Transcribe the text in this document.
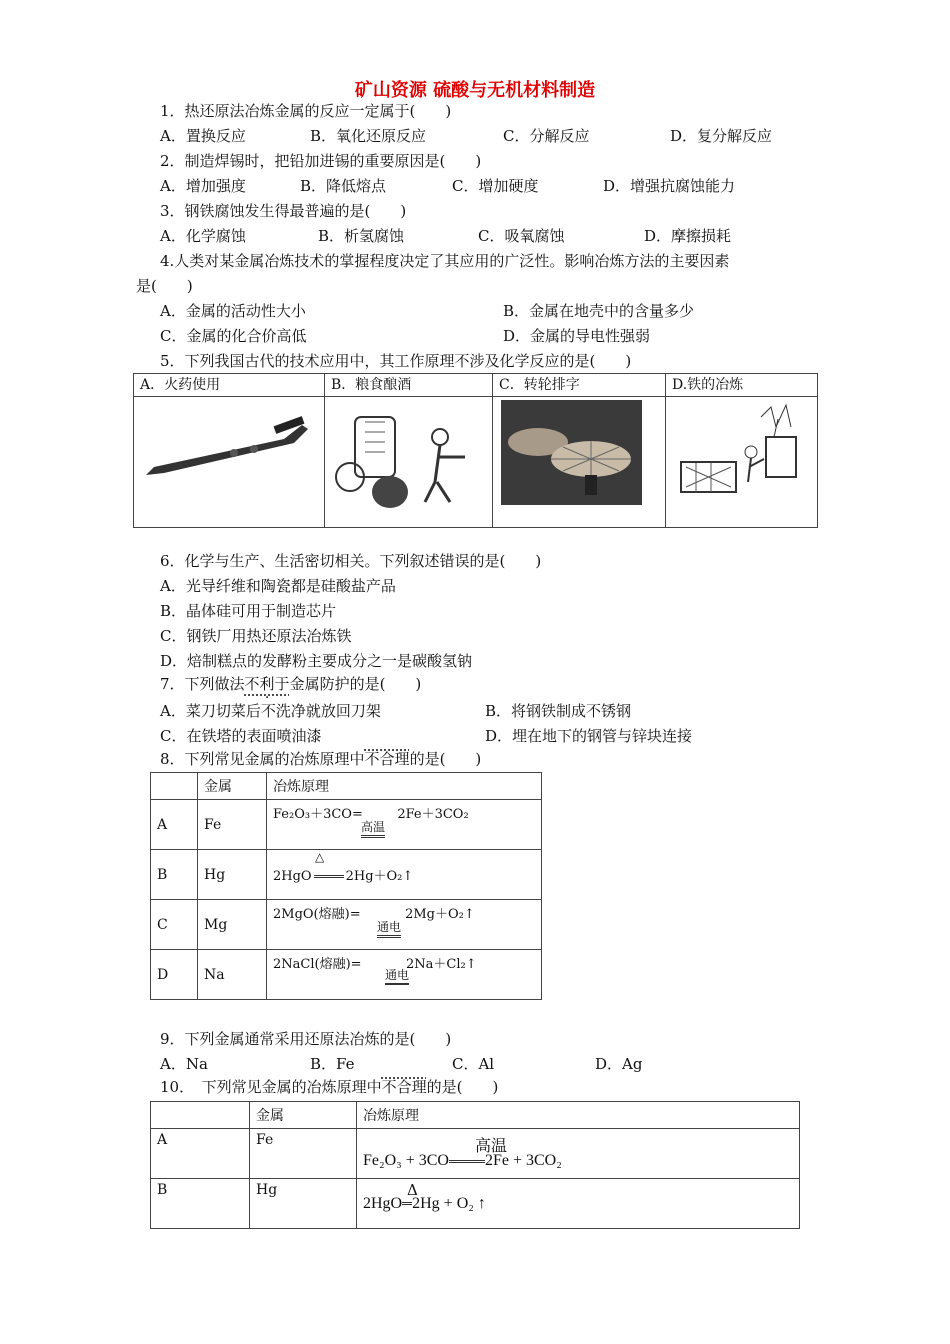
矿山资源 硫酸与无机材料制造
1．热还原法冶炼金属的反应一定属于(　　)
A．置换反应	B．氧化还原反应	C．分解反应	D．复分解反应
2．制造焊锡时，把铅加进锡的重要原因是(　　)
A．增加强度	B．降低熔点	C．增加硬度	D．增强抗腐蚀能力
3．钢铁腐蚀发生得最普遍的是(　　)
A．化学腐蚀	B．析氢腐蚀	C．吸氧腐蚀	D．摩擦损耗
4.人类对某金属冶炼技术的掌握程度决定了其应用的广泛性。影响冶炼方法的主要因素
是(　　)
A．金属的活动性大小	B．金属在地壳中的含量多少
C．金属的化合价高低	D．金属的导电性强弱
5．下列我国古代的技术应用中，其工作原理不涉及化学反应的是(　　)
A．火药使用	B．粮食酿酒	C．转轮排字	D.铁的冶炼
6．化学与生产、生活密切相关。下列叙述错误的是(　　)
A．光导纤维和陶瓷都是硅酸盐产品
B．晶体硅可用于制造芯片
C．钢铁厂用热还原法冶炼铁
D．焙制糕点的发酵粉主要成分之一是碳酸氢钠
7．下列做法不利于金属防护的是(　　)
A．菜刀切菜后不洗净就放回刀架	B．将钢铁制成不锈钢
C．在铁塔的表面喷油漆	D．埋在地下的钢管与锌块连接
8．下列常见金属的冶炼原理中不合理的是(　　)
	金属	冶炼原理
A	Fe	Fe₂O₃＋3CO= 2Fe＋3CO₂
高温

B	Hg	2HgO 2Hg＋O₂↑
△

C	Mg	2MgO(熔融)= 2Mg＋O₂↑
通电

D	Na	2NaCl(熔融)= 2Na＋Cl₂↑
通电
9．下列金属通常采用还原法冶炼的是(　　)
A．Na	B．Fe	C．Al	D．Ag
10．　下列常见金属的冶炼原理中不合理的是(　　)
	金属	冶炼原理
A	Fe	Fe₂O₃ + 3CO 2Fe + 3CO₂
高温

B	Hg	2HgO 2Hg + O₂ ↑
Δ
